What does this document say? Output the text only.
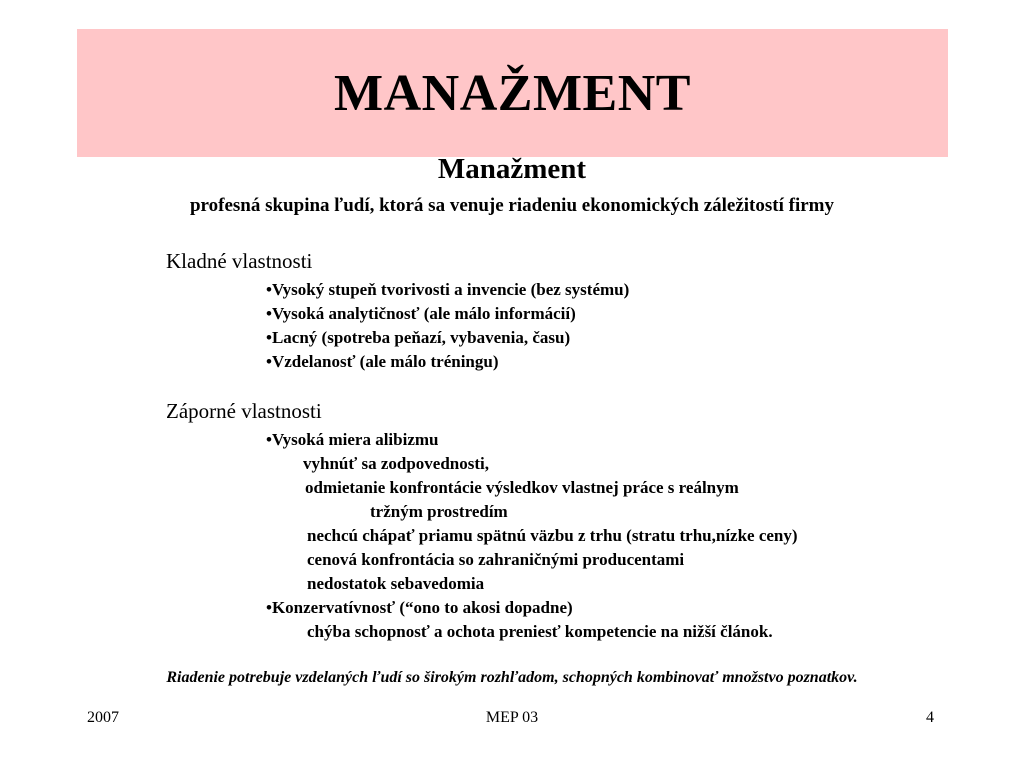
MANAŽMENT
Manažment
profesná skupina ľudí, ktorá sa venuje riadeniu ekonomických záležitostí firmy
Kladné vlastnosti
•Vysoký stupeň tvorivosti a invencie (bez systému)
•Vysoká analytičnosť (ale málo informácií)
•Lacný (spotreba peňazí, vybavenia, času)
•Vzdelanosť (ale málo tréningu)
Záporné vlastnosti
•Vysoká miera alibizmu
vyhnúť sa zodpovednosti,
odmietanie konfrontácie výsledkov vlastnej práce s reálnym
tržným prostredím
nechcú chápať priamu spätnú väzbu z trhu (stratu trhu,nízke ceny)
cenová konfrontácia so zahraničnými producentami
nedostatok sebavedomia
•Konzervatívnosť (“ono to akosi dopadne)
chýba schopnosť a ochota preniesť kompetencie na nižší článok.
Riadenie potrebuje vzdelaných ľudí so širokým rozhľadom, schopných kombinovať množstvo poznatkov.
2007	MEP 03	4
